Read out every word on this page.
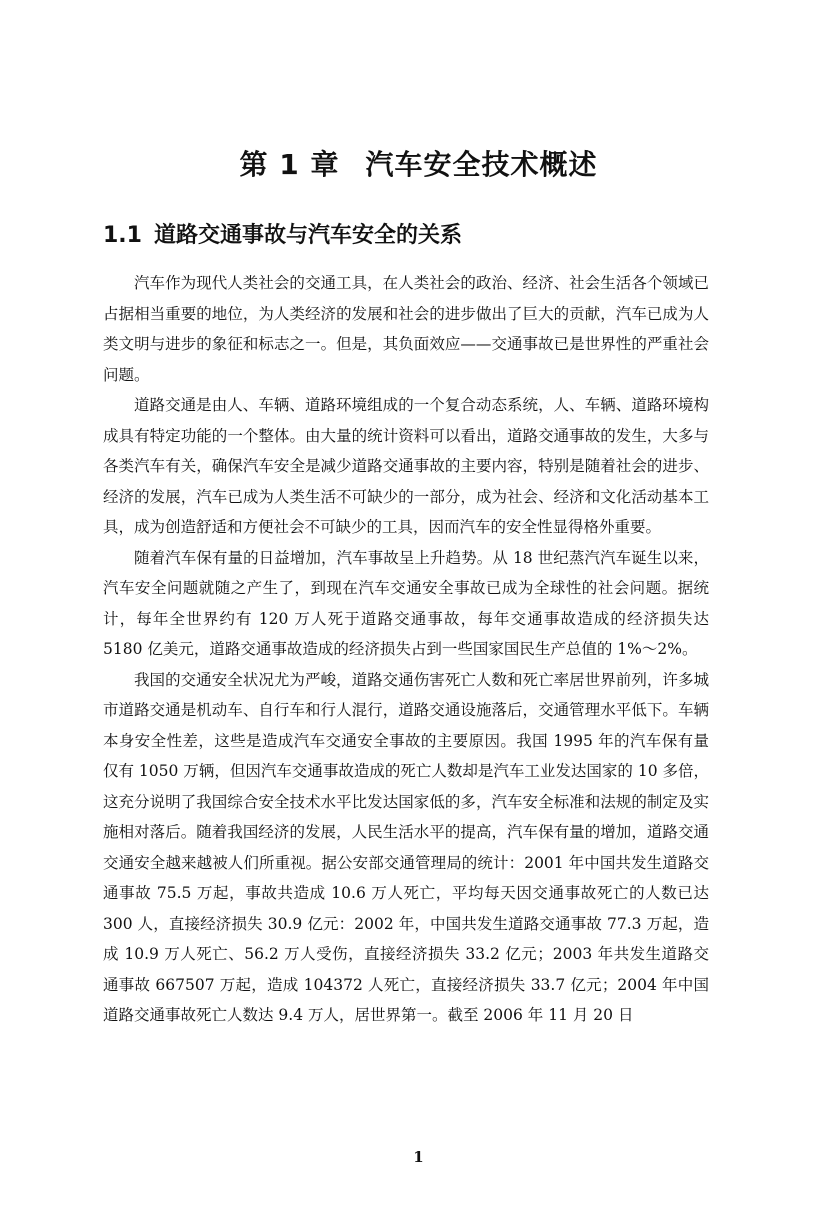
第 1 章 汽车安全技术概述
1.1 道路交通事故与汽车安全的关系

汽车作为现代人类社会的交通工具，在人类社会的政治、经济、社会生活各个领域已占据相当重要的地位，为人类经济的发展和社会的进步做出了巨大的贡献，汽车已成为人类文明与进步的象征和标志之一。但是，其负面效应——交通事故已是世界性的严重社会问题。

道路交通是由人、车辆、道路环境组成的一个复合动态系统，人、车辆、道路环境构成具有特定功能的一个整体。由大量的统计资料可以看出，道路交通事故的发生，大多与各类汽车有关，确保汽车安全是减少道路交通事故的主要内容，特别是随着社会的进步、经济的发展，汽车已成为人类生活不可缺少的一部分，成为社会、经济和文化活动基本工具，成为创造舒适和方便社会不可缺少的工具，因而汽车的安全性显得格外重要。

随着汽车保有量的日益增加，汽车事故呈上升趋势。从 18 世纪蒸汽汽车诞生以来，汽车安全问题就随之产生了，到现在汽车交通安全事故已成为全球性的社会问题。据统计，每年全世界约有 120 万人死于道路交通事故，每年交通事故造成的经济损失达 5180 亿美元，道路交通事故造成的经济损失占到一些国家国民生产总值的 1%～2%。

我国的交通安全状况尤为严峻，道路交通伤害死亡人数和死亡率居世界前列，许多城市道路交通是机动车、自行车和行人混行，道路交通设施落后，交通管理水平低下。车辆本身安全性差，这些是造成汽车交通安全事故的主要原因。我国 1995 年的汽车保有量仅有 1050 万辆，但因汽车交通事故造成的死亡人数却是汽车工业发达国家的 10 多倍，这充分说明了我国综合安全技术水平比发达国家低的多，汽车安全标准和法规的制定及实施相对落后。随着我国经济的发展，人民生活水平的提高，汽车保有量的增加，道路交通交通安全越来越被人们所重视。据公安部交通管理局的统计：2001 年中国共发生道路交通事故 75.5 万起，事故共造成 10.6 万人死亡，平均每天因交通事故死亡的人数已达 300 人，直接经济损失 30.9 亿元：2002 年，中国共发生道路交通事故 77.3 万起，造成 10.9 万人死亡、56.2 万人受伤，直接经济损失 33.2 亿元；2003 年共发生道路交通事故 667507 万起，造成 104372 人死亡，直接经济损失 33.7 亿元；2004 年中国道路交通事故死亡人数达 9.4 万人，居世界第一。截至 2006 年 11 月 20 日

1
